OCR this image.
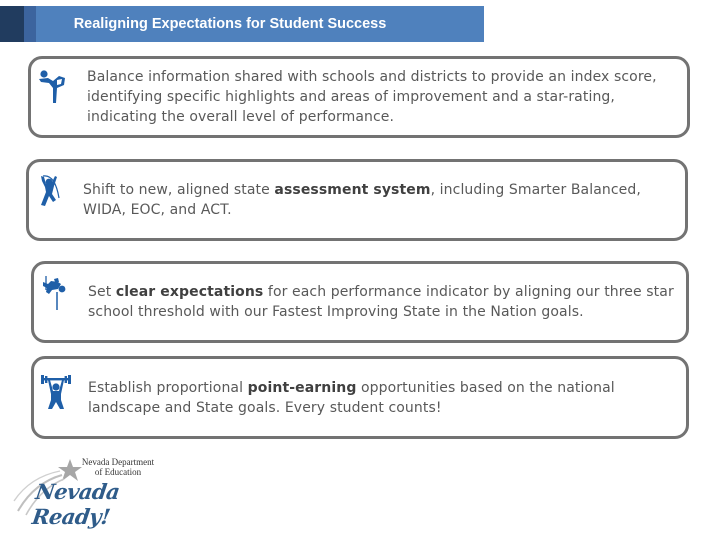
Realigning Expectations for Student Success
Balance information shared with schools and districts to provide an index score, identifying specific highlights and areas of improvement and a star-rating, indicating the overall level of performance.
Shift to new, aligned state assessment system, including Smarter Balanced, WIDA, EOC, and ACT.
Set clear expectations for each performance indicator by aligning our three star school threshold with our Fastest Improving State in the Nation goals.
Establish proportional point-earning opportunities based on the national landscape and State goals. Every student counts!
Nevada Department
of Education
Nevada Ready!
